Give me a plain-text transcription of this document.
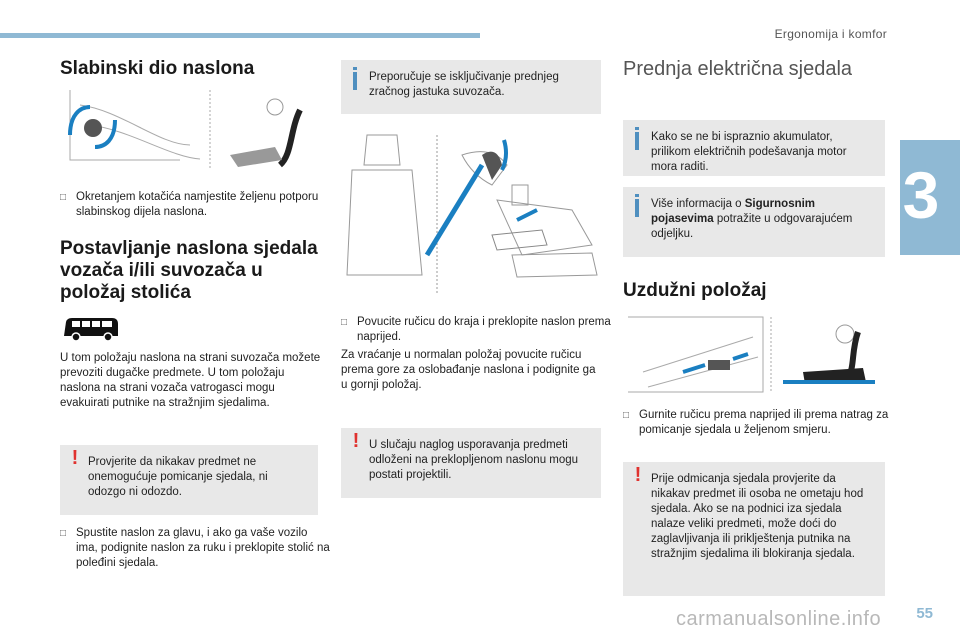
Ergonomija i komfor
3
55
carmanualsonline.info
Slabinski dio naslona
□ Okretanjem kotačića namjestite željenu potporu slabinskog dijela naslona.
Postavljanje naslona sjedala vozača i/ili suvozača u položaj stolića

U tom položaju naslona na strani suvozača možete prevoziti dugačke predmete. U tom položaju naslona na strani vozača vatrogasci mogu evakuirati putnike na stražnjim sjedalima.

! Provjerite da nikakav predmet ne onemogućuje pomicanje sjedala, ni odozgo ni odozdo.
□ Spustite naslon za glavu, i ako ga vaše vozilo ima, podignite naslon za ruku i preklopite stolić na poleđini sjedala.
Preporučuje se isključivanje prednjeg zračnog jastuka suvozača.
□ Povucite ručicu do kraja i preklopite naslon prema naprijed.

Za vraćanje u normalan položaj povucite ručicu prema gore za oslobađanje naslona i podignite ga u gornji položaj.

! U slučaju naglog usporavanja predmeti odloženi na preklopljenom naslonu mogu postati projektili.
Prednja električna sjedala
Kako se ne bi ispraznio akumulator, prilikom električnih podešavanja motor mora raditi.
Više informacija o Sigurnosnim pojasevima potražite u odgovarajućem odjeljku.
Uzdužni položaj
□ Gurnite ručicu prema naprijed ili prema natrag za pomicanje sjedala u željenom smjeru.
! Prije odmicanja sjedala provjerite da nikakav predmet ili osoba ne ometaju hod sjedala. Ako se na podnici iza sjedala nalaze veliki predmeti, može doći do zaglavljivanja ili priklještenja putnika na stražnjim sjedalima ili blokiranja sjedala.
